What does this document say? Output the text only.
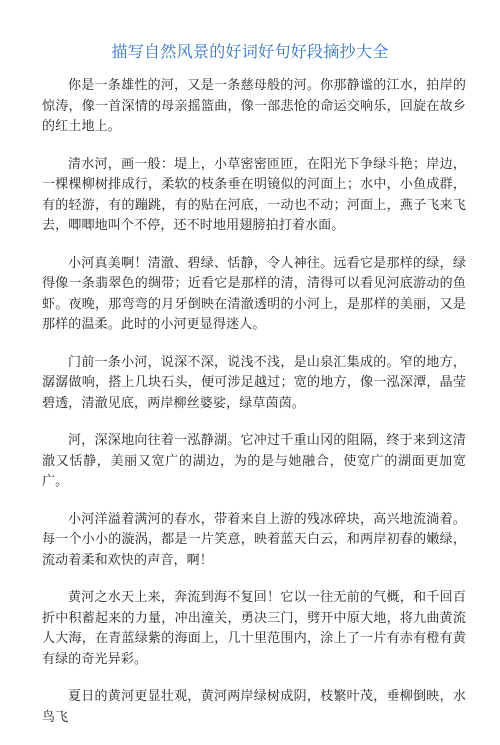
描写自然风景的好词好句好段摘抄大全

你是一条雄性的河，又是一条慈母般的河。你那静谧的江水，拍岸的惊涛，像一首深情的母亲摇篮曲，像一部悲怆的命运交响乐，回旋在故乡的红土地上。

清水河，画一般：堤上，小草密密匝匝，在阳光下争绿斗艳；岸边，一棵棵柳树排成行，柔软的枝条垂在明镜似的河面上；水中，小鱼成群，有的轻游，有的蹦跳，有的贴在河底，一动也不动；河面上，燕子飞来飞去，唧唧地叫个不停，还不时地用翅膀拍打着水面。

小河真美啊！清澈、碧绿、恬静，令人神往。远看它是那样的绿，绿得像一条翡翠色的绸带；近看它是那样的清，清得可以看见河底游动的鱼虾。夜晚，那弯弯的月牙倒映在清澈透明的小河上，是那样的美丽，又是那样的温柔。此时的小河更显得迷人。

门前一条小河，说深不深，说浅不浅，是山泉汇集成的。窄的地方，潺潺做响，搭上几块石头，便可涉足越过；宽的地方，像一泓深潭，晶莹碧透，清澈见底，两岸柳丝婆娑，绿草茵茵。

河，深深地向往着一泓静湖。它冲过千重山冈的阻隔，终于来到这清澈又恬静，美丽又宽广的湖边，为的是与她融合，使宽广的湖面更加宽广。

小河洋溢着满河的春水，带着来自上游的残冰碎块，高兴地流淌着。每一个小小的漩涡，都是一片笑意，映着蓝天白云，和两岸初春的嫩绿，流动着柔和欢快的声音，啊！

黄河之水天上来，奔流到海不复回！它以一往无前的气概，和千回百折中积蓄起来的力量，冲出潼关，勇决三门，劈开中原大地，将九曲黄流人大海，在青蓝绿紫的海面上，几十里范围内，涂上了一片有赤有橙有黄有绿的奇光异彩。

夏日的黄河更显壮观，黄河两岸绿树成阴，枝繁叶茂，垂柳倒映，水鸟飞
